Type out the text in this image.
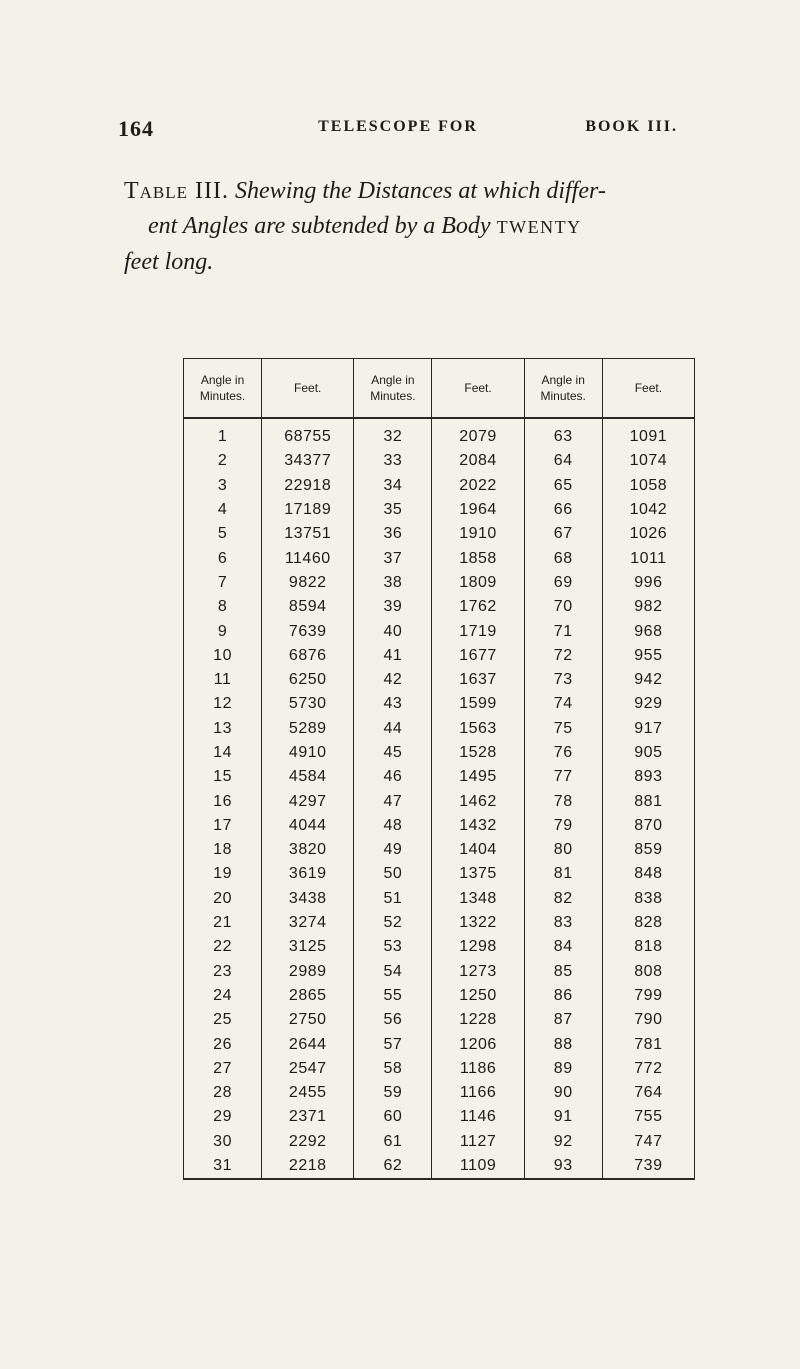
164	TELESCOPE FOR	BOOK III.
Table III. Shewing the Distances at which differ-
ent Angles are subtended by a Body TWENTY
feet long.
Angle in Minutes.	Feet.	Angle in Minutes.	Feet.	Angle in Minutes.	Feet.
1	68755	32	2079	63	1091
2	34377	33	2084	64	1074
3	22918	34	2022	65	1058
4	17189	35	1964	66	1042
5	13751	36	1910	67	1026
6	11460	37	1858	68	1011
7	9822	38	1809	69	996
8	8594	39	1762	70	982
9	7639	40	1719	71	968
10	6876	41	1677	72	955
11	6250	42	1637	73	942
12	5730	43	1599	74	929
13	5289	44	1563	75	917
14	4910	45	1528	76	905
15	4584	46	1495	77	893
16	4297	47	1462	78	881
17	4044	48	1432	79	870
18	3820	49	1404	80	859
19	3619	50	1375	81	848
20	3438	51	1348	82	838
21	3274	52	1322	83	828
22	3125	53	1298	84	818
23	2989	54	1273	85	808
24	2865	55	1250	86	799
25	2750	56	1228	87	790
26	2644	57	1206	88	781
27	2547	58	1186	89	772
28	2455	59	1166	90	764
29	2371	60	1146	91	755
30	2292	61	1127	92	747
31	2218	62	1109	93	739
